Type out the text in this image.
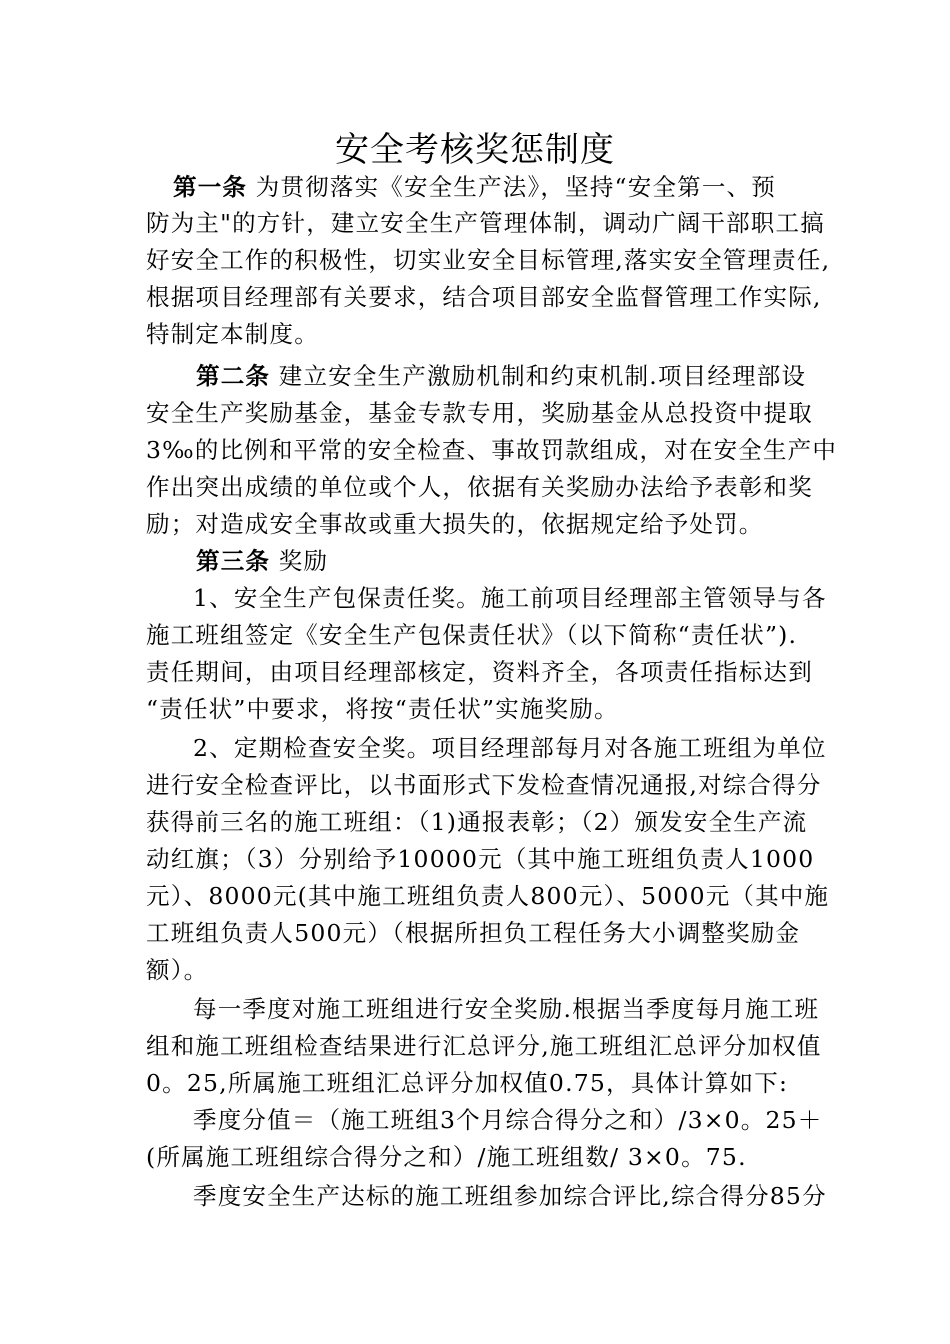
安全考核奖惩制度
第一条 为贯彻落实《安全生产法》，坚持“安全第一、预
防为主"的方针，建立安全生产管理体制，调动广阔干部职工搞
好安全工作的积极性，切实业安全目标管理,落实安全管理责任,
根据项目经理部有关要求，结合项目部安全监督管理工作实际,
特制定本制度。
第二条 建立安全生产激励机制和约束机制.项目经理部设
安全生产奖励基金，基金专款专用，奖励基金从总投资中提取
3‰的比例和平常的安全检查、事故罚款组成，对在安全生产中
作出突出成绩的单位或个人，依据有关奖励办法给予表彰和奖
励；对造成安全事故或重大损失的，依据规定给予处罚。
第三条 奖励
1、安全生产包保责任奖。施工前项目经理部主管领导与各
施工班组签定《安全生产包保责任状》（以下简称“责任状”).
责任期间，由项目经理部核定，资料齐全，各项责任指标达到
“责任状”中要求，将按“责任状”实施奖励。
2、定期检查安全奖。项目经理部每月对各施工班组为单位
进行安全检查评比，以书面形式下发检查情况通报,对综合得分
获得前三名的施工班组：（1)通报表彰；（2）颁发安全生产流
动红旗；（3）分别给予10000元（其中施工班组负责人1000
元）、8000元(其中施工班组负责人800元）、5000元（其中施
工班组负责人500元）（根据所担负工程任务大小调整奖励金
额）。
每一季度对施工班组进行安全奖励.根据当季度每月施工班
组和施工班组检查结果进行汇总评分,施工班组汇总评分加权值
0。25,所属施工班组汇总评分加权值0.75，具体计算如下:
季度分值＝（施工班组3个月综合得分之和）/3×0。25＋
(所属施工班组综合得分之和）/施工班组数/ 3×0。75.
季度安全生产达标的施工班组参加综合评比,综合得分85分
